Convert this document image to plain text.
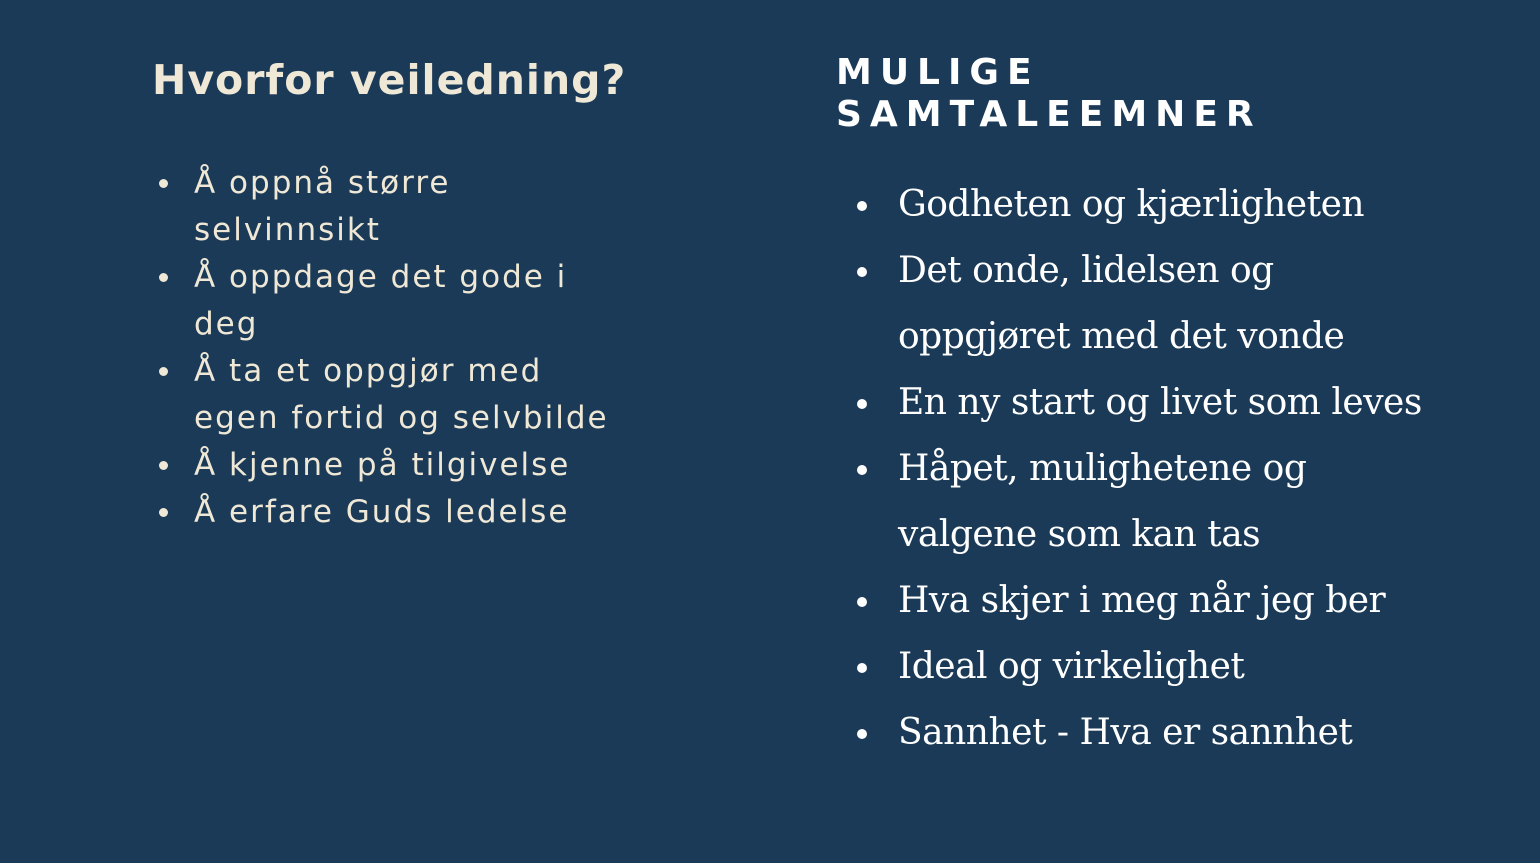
Hvorfor veiledning?
Å oppnå større
selvinnsikt
Å oppdage det gode i
deg
Å ta et oppgjør med
egen fortid og selvbilde
Å kjenne på tilgivelse
Å erfare Guds ledelse
MULIGE
SAMTALEEMNER
Godheten og kjærligheten
Det onde, lidelsen og
oppgjøret med det vonde
En ny start og livet som leves
Håpet, mulighetene og
valgene som kan tas
Hva skjer i meg når jeg ber
Ideal og virkelighet
Sannhet - Hva er sannhet
